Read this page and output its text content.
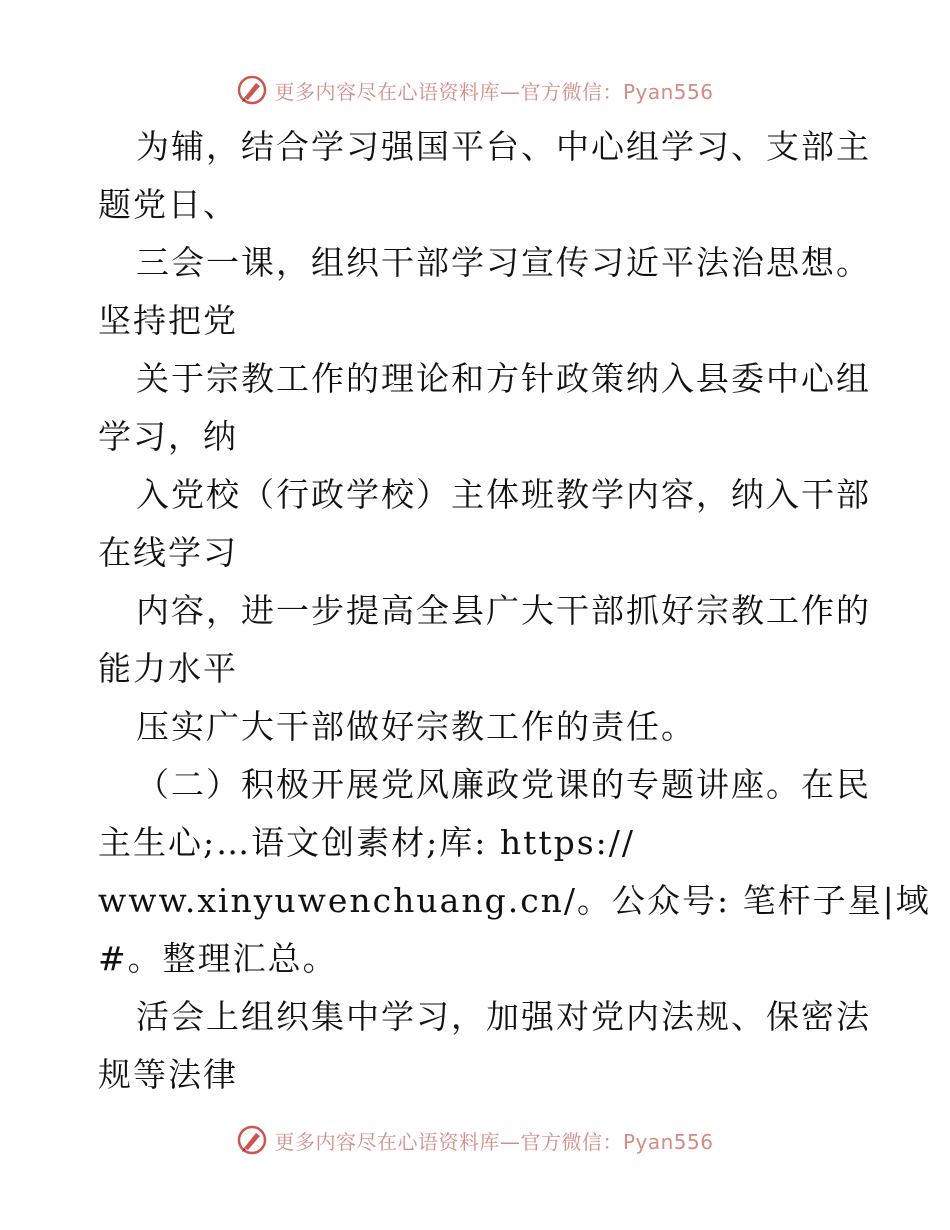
更多内容尽在心语资料库—官方微信：Pyan556
为辅，结合学习强国平台、中心组学习、支部主
题党日、
三会一课，组织干部学习宣传习近平法治思想。
坚持把党
关于宗教工作的理论和方针政策纳入县委中心组
学习，纳
入党校（行政学校）主体班教学内容，纳入干部
在线学习
内容，进一步提高全县广大干部抓好宗教工作的
能力水平
压实广大干部做好宗教工作的责任。
（二）积极开展党风廉政党课的专题讲座。在民
主生心;…语文创素材;库: https://
www.xinyuwenchuang.cn/。公众号: 笔杆子星|域
#。整理汇总。
活会上组织集中学习，加强对党内法规、保密法
规等法律
更多内容尽在心语资料库—官方微信：Pyan556
